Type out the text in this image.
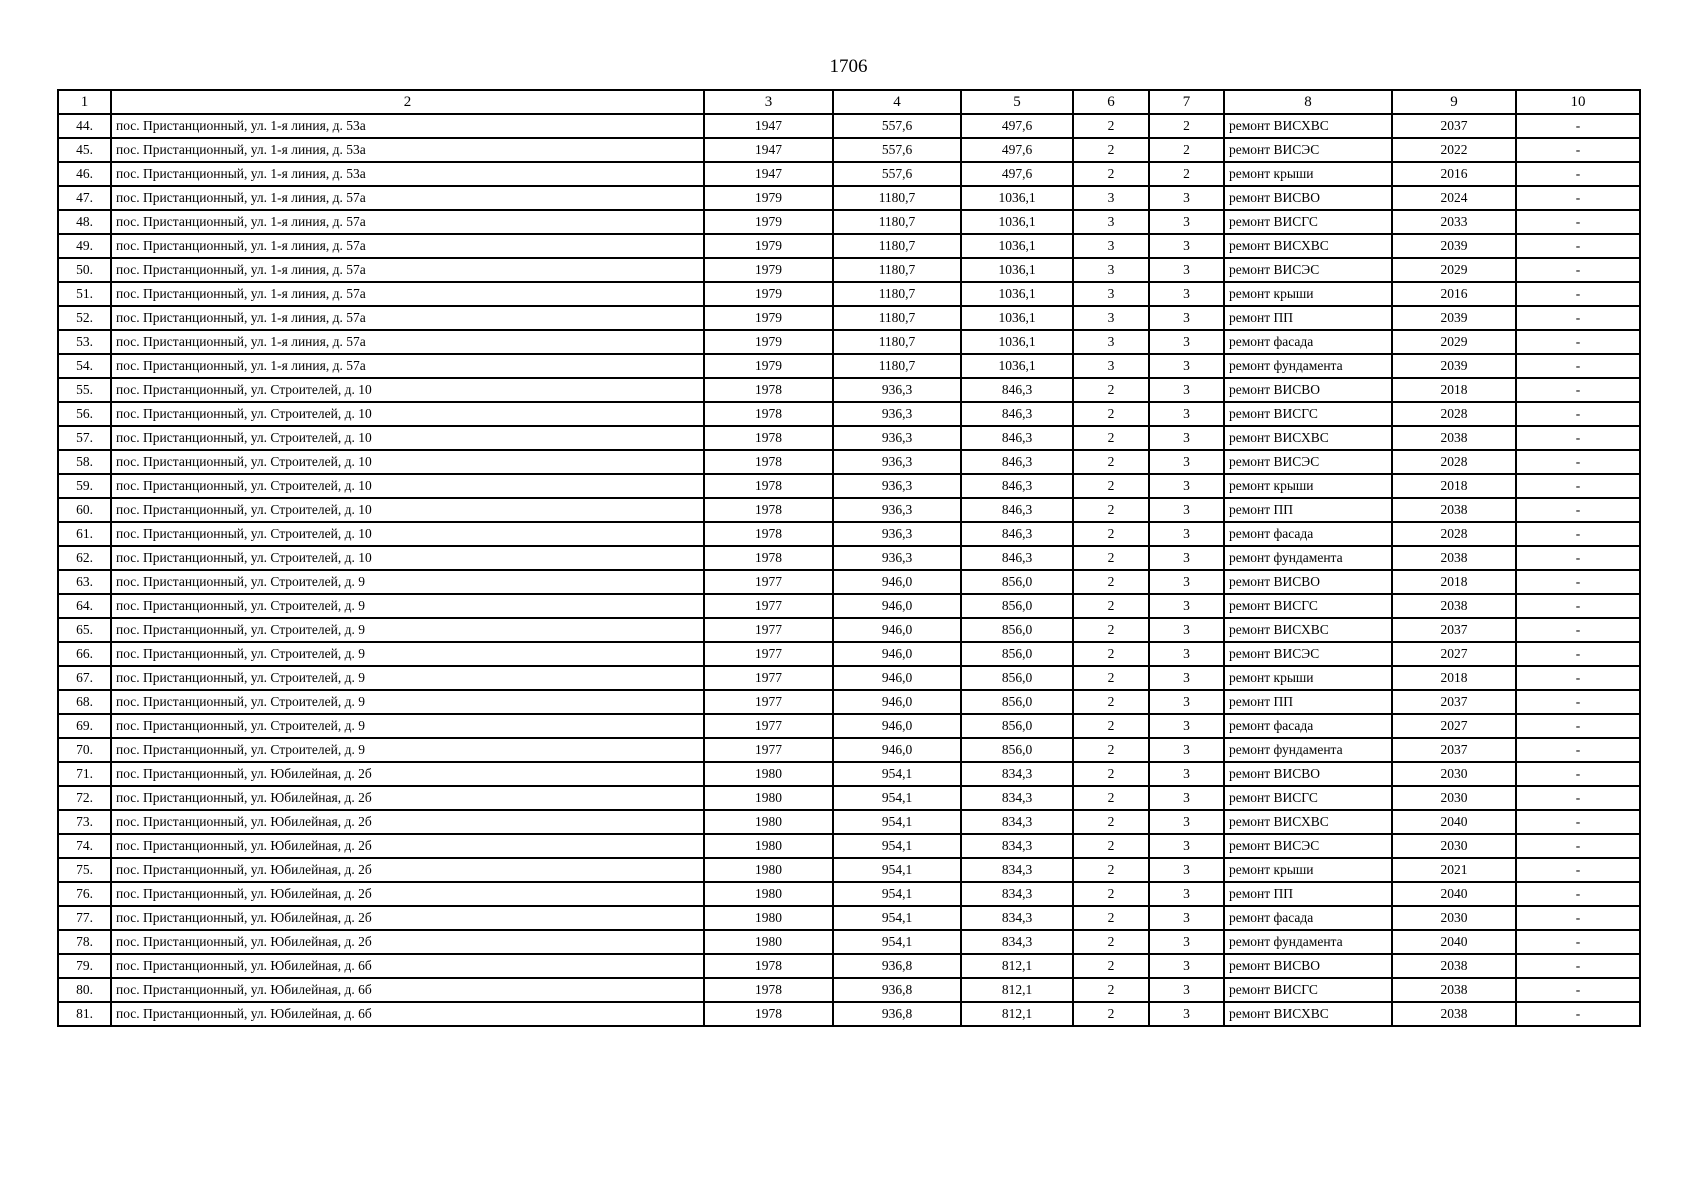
1706
1	2	3	4	5	6	7	8	9	10
44.	пос. Пристанционный, ул. 1-я линия, д. 53а	1947	557,6	497,6	2	2	ремонт ВИСХВС	2037	-
45.	пос. Пристанционный, ул. 1-я линия, д. 53а	1947	557,6	497,6	2	2	ремонт ВИСЭС	2022	-
46.	пос. Пристанционный, ул. 1-я линия, д. 53а	1947	557,6	497,6	2	2	ремонт крыши	2016	-
47.	пос. Пристанционный, ул. 1-я линия, д. 57а	1979	1180,7	1036,1	3	3	ремонт ВИСВО	2024	-
48.	пос. Пристанционный, ул. 1-я линия, д. 57а	1979	1180,7	1036,1	3	3	ремонт ВИСГС	2033	-
49.	пос. Пристанционный, ул. 1-я линия, д. 57а	1979	1180,7	1036,1	3	3	ремонт ВИСХВС	2039	-
50.	пос. Пристанционный, ул. 1-я линия, д. 57а	1979	1180,7	1036,1	3	3	ремонт ВИСЭС	2029	-
51.	пос. Пристанционный, ул. 1-я линия, д. 57а	1979	1180,7	1036,1	3	3	ремонт крыши	2016	-
52.	пос. Пристанционный, ул. 1-я линия, д. 57а	1979	1180,7	1036,1	3	3	ремонт ПП	2039	-
53.	пос. Пристанционный, ул. 1-я линия, д. 57а	1979	1180,7	1036,1	3	3	ремонт фасада	2029	-
54.	пос. Пристанционный, ул. 1-я линия, д. 57а	1979	1180,7	1036,1	3	3	ремонт фундамента	2039	-
55.	пос. Пристанционный, ул. Строителей, д. 10	1978	936,3	846,3	2	3	ремонт ВИСВО	2018	-
56.	пос. Пристанционный, ул. Строителей, д. 10	1978	936,3	846,3	2	3	ремонт ВИСГС	2028	-
57.	пос. Пристанционный, ул. Строителей, д. 10	1978	936,3	846,3	2	3	ремонт ВИСХВС	2038	-
58.	пос. Пристанционный, ул. Строителей, д. 10	1978	936,3	846,3	2	3	ремонт ВИСЭС	2028	-
59.	пос. Пристанционный, ул. Строителей, д. 10	1978	936,3	846,3	2	3	ремонт крыши	2018	-
60.	пос. Пристанционный, ул. Строителей, д. 10	1978	936,3	846,3	2	3	ремонт ПП	2038	-
61.	пос. Пристанционный, ул. Строителей, д. 10	1978	936,3	846,3	2	3	ремонт фасада	2028	-
62.	пос. Пристанционный, ул. Строителей, д. 10	1978	936,3	846,3	2	3	ремонт фундамента	2038	-
63.	пос. Пристанционный, ул. Строителей, д. 9	1977	946,0	856,0	2	3	ремонт ВИСВО	2018	-
64.	пос. Пристанционный, ул. Строителей, д. 9	1977	946,0	856,0	2	3	ремонт ВИСГС	2038	-
65.	пос. Пристанционный, ул. Строителей, д. 9	1977	946,0	856,0	2	3	ремонт ВИСХВС	2037	-
66.	пос. Пристанционный, ул. Строителей, д. 9	1977	946,0	856,0	2	3	ремонт ВИСЭС	2027	-
67.	пос. Пристанционный, ул. Строителей, д. 9	1977	946,0	856,0	2	3	ремонт крыши	2018	-
68.	пос. Пристанционный, ул. Строителей, д. 9	1977	946,0	856,0	2	3	ремонт ПП	2037	-
69.	пос. Пристанционный, ул. Строителей, д. 9	1977	946,0	856,0	2	3	ремонт фасада	2027	-
70.	пос. Пристанционный, ул. Строителей, д. 9	1977	946,0	856,0	2	3	ремонт фундамента	2037	-
71.	пос. Пристанционный, ул. Юбилейная, д. 2б	1980	954,1	834,3	2	3	ремонт ВИСВО	2030	-
72.	пос. Пристанционный, ул. Юбилейная, д. 2б	1980	954,1	834,3	2	3	ремонт ВИСГС	2030	-
73.	пос. Пристанционный, ул. Юбилейная, д. 2б	1980	954,1	834,3	2	3	ремонт ВИСХВС	2040	-
74.	пос. Пристанционный, ул. Юбилейная, д. 2б	1980	954,1	834,3	2	3	ремонт ВИСЭС	2030	-
75.	пос. Пристанционный, ул. Юбилейная, д. 2б	1980	954,1	834,3	2	3	ремонт крыши	2021	-
76.	пос. Пристанционный, ул. Юбилейная, д. 2б	1980	954,1	834,3	2	3	ремонт ПП	2040	-
77.	пос. Пристанционный, ул. Юбилейная, д. 2б	1980	954,1	834,3	2	3	ремонт фасада	2030	-
78.	пос. Пристанционный, ул. Юбилейная, д. 2б	1980	954,1	834,3	2	3	ремонт фундамента	2040	-
79.	пос. Пристанционный, ул. Юбилейная, д. 6б	1978	936,8	812,1	2	3	ремонт ВИСВО	2038	-
80.	пос. Пристанционный, ул. Юбилейная, д. 6б	1978	936,8	812,1	2	3	ремонт ВИСГС	2038	-
81.	пос. Пристанционный, ул. Юбилейная, д. 6б	1978	936,8	812,1	2	3	ремонт ВИСХВС	2038	-
